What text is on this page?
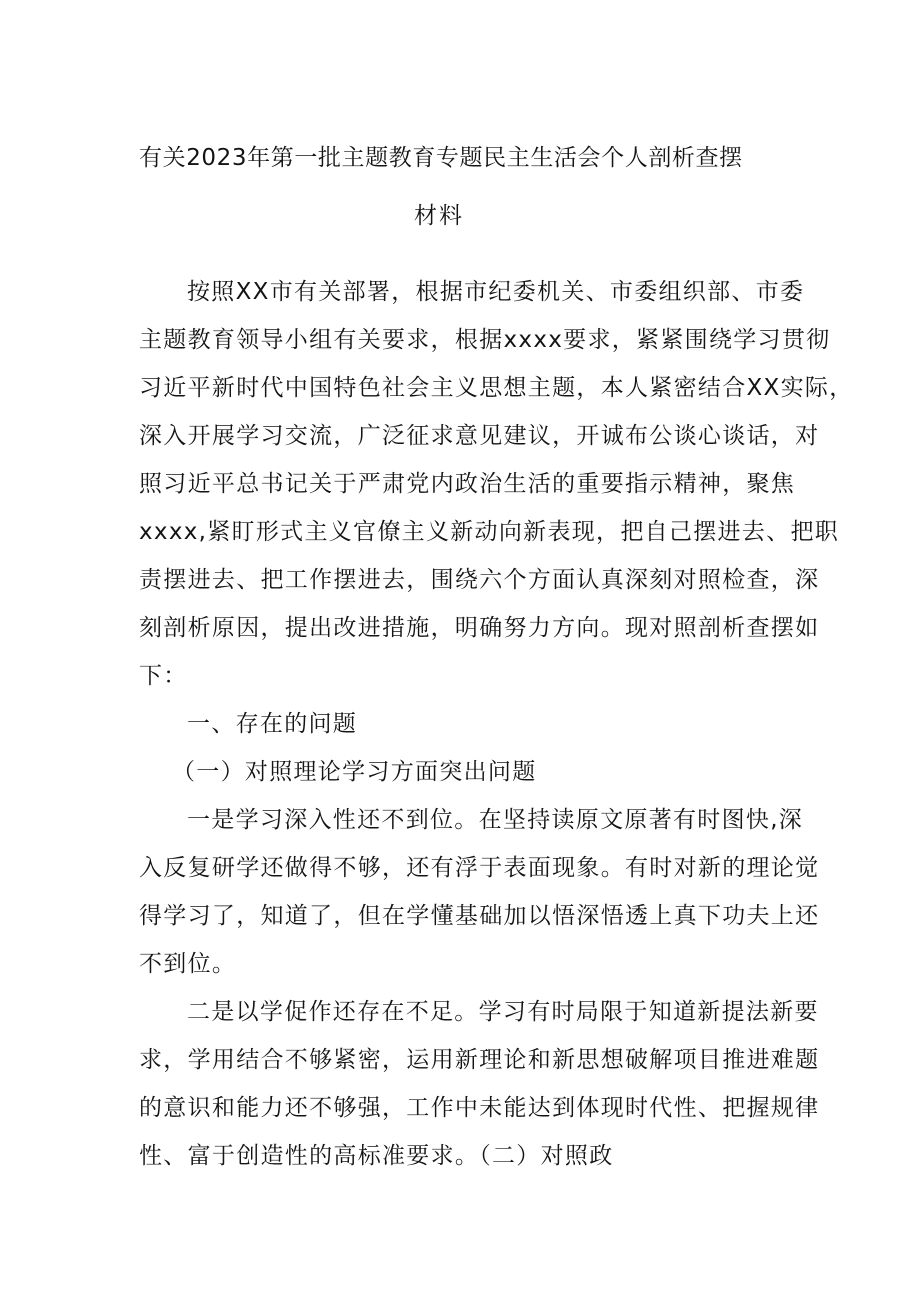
有关2023年第一批主题教育专题民主生活会个人剖析查摆
材料
按照XX市有关部署，根据市纪委机关、市委组织部、市委
主题教育领导小组有关要求，根据xxxx要求，紧紧围绕学习贯彻
习近平新时代中国特色社会主义思想主题，本人紧密结合XX实际，
深入开展学习交流，广泛征求意见建议，开诚布公谈心谈话，对
照习近平总书记关于严肃党内政治生活的重要指示精神，聚焦
xxxx,紧盯形式主义官僚主义新动向新表现，把自己摆进去、把职
责摆进去、把工作摆进去，围绕六个方面认真深刻对照检查，深
刻剖析原因，提出改进措施，明确努力方向。现对照剖析查摆如
下：
一、存在的问题
（一）对照理论学习方面突出问题
一是学习深入性还不到位。在坚持读原文原著有时图快,深
入反复研学还做得不够，还有浮于表面现象。有时对新的理论觉
得学习了，知道了，但在学懂基础加以悟深悟透上真下功夫上还
不到位。
二是以学促作还存在不足。学习有时局限于知道新提法新要
求，学用结合不够紧密，运用新理论和新思想破解项目推进难题
的意识和能力还不够强，工作中未能达到体现时代性、把握规律
性、富于创造性的高标准要求。（二）对照政
